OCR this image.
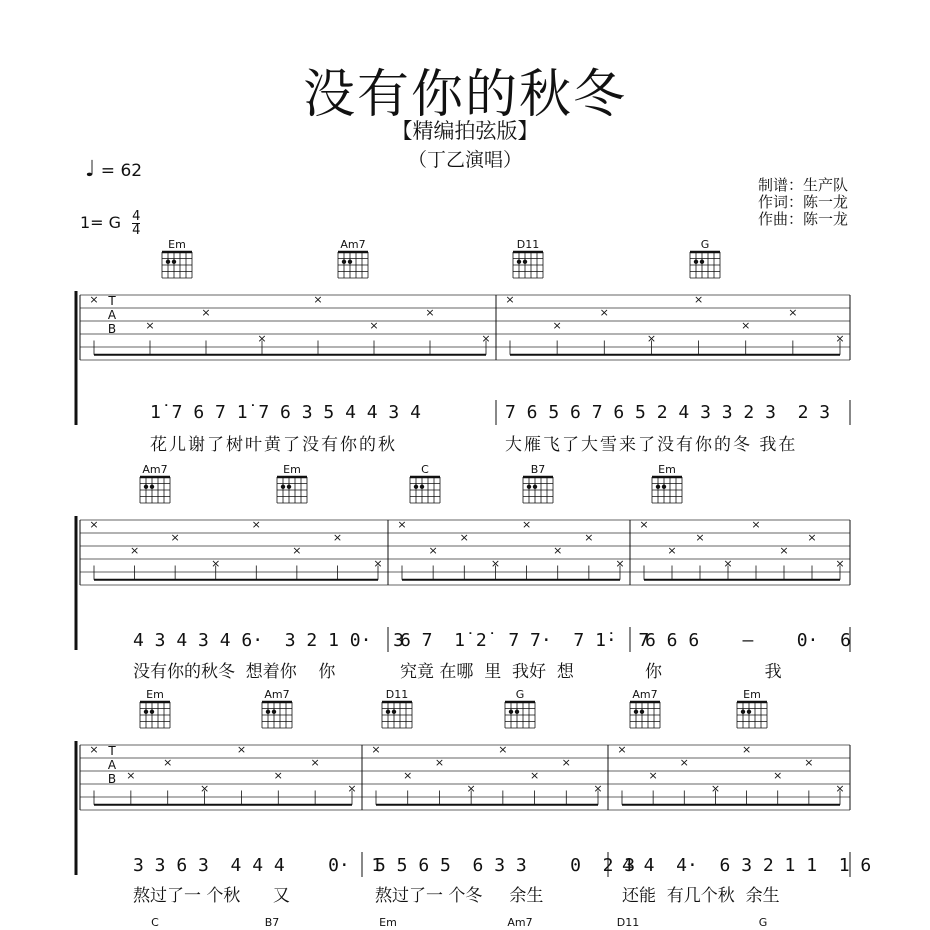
没有你的秋冬
【精编拍弦版】
（丁乙演唱）
♩ = 62
1= G $\frac{4}{4}$
制谱：生产队
作词：陈一龙
作曲：陈一龙
Em	Am7	D11	G
T
A
B
×
×
×
×
×
×
×
×
×
×
×
×
×
×
×
×
Am7	Em	C	B7	Em
×
×
×
×
×
×
×
×
×
×
×
×
×
×
×
×
×
×
×
×
×
×
×
×
Em	Am7	D11	G	Am7	Em
T
A
B
×
×
×
×
×
×
×
×
×
×
×
×
×
×
×
×
×
×
×
×
×
×
×
×
C	B7	Em	Am7	D11	G
1̇ 7 6 7 1̇ 7 6 3 5 4 4 3 4	7 6 5 6 7 6 5 2 4 3 3 2 3  2 3
花儿谢了树叶黄了没有你的秋	大雁飞了大雪来了没有你的冬 我在
4 3 4 3 4 6·  3 2 1 0·  3
6 7  1̇ 2̇  7 7·  7 1̇·  7
6 6 6    —    0·  6
没有你的秋冬  想着你    你	究竟 在哪  里  我好  想	你                   我
3 3 6 3  4 4 4    0·  1
5 5 6 5  6 3 3    0  2 3
4 4  4·  6 3 2 1 1  1 6
熬过了一 个秋      又	熬过了一 个冬     余生	还能  有几个秋  余生
